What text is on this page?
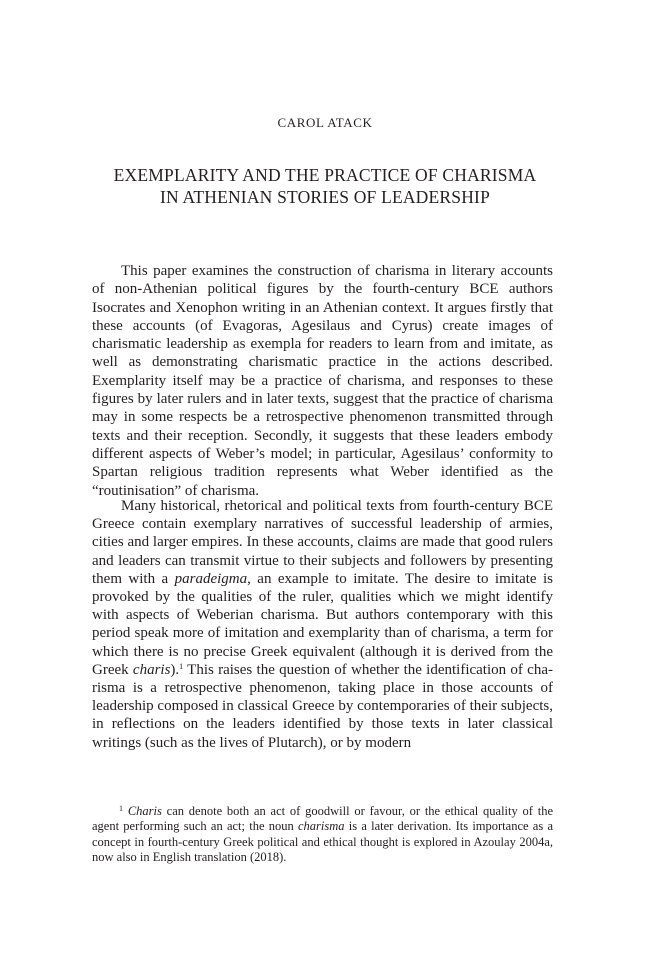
CAROL ATACK
EXEMPLARITY AND THE PRACTICE OF CHARISMA
IN ATHENIAN STORIES OF LEADERSHIP

This paper examines the construction of charisma in literary accounts of non-Athenian political figures by the fourth-century BCE authors Isocrates and Xenophon writing in an Athenian context. It argues firstly that these accounts (of Evagoras, Agesilaus and Cyrus) create images of charismatic leadership as exempla for readers to learn from and imitate, as well as demonstrating charismatic practice in the actions described. Exemplarity itself may be a practice of charisma, and responses to these figures by later rulers and in later texts, suggest that the practice of charisma may in some respects be a retrospective phenomenon transmitted through texts and their reception. Secondly, it suggests that these leaders embody different aspects of Weber’s model; in particular, Agesilaus’ conformity to Spartan religious tradition represents what Weber identified as the “routinisation” of charisma.

Many historical, rhetorical and political texts from fourth-century BCE Greece contain exemplary narratives of successful leadership of armies, cities and larger empires. In these accounts, claims are made that good rulers and leaders can transmit virtue to their subjects and followers by presenting them with a paradeigma, an example to imitate. The desire to imitate is provoked by the qualities of the ruler, qualities which we might identify with aspects of Weberian charisma. But authors contemporary with this period speak more of imitation and exemplarity than of charisma, a term for which there is no precise Greek equivalent (although it is derived from the Greek charis).$^1$ This raises the question of whether the identification of charisma is a retrospective phenomenon, taking place in those accounts of leadership composed in classical Greece by contemporaries of their subjects, in reflections on the leaders identified by those texts in later classical writings (such as the lives of Plutarch), or by modern

$^1$ Charis can denote both an act of goodwill or favour, or the ethical quality of the agent performing such an act; the noun charisma is a later derivation. Its importance as a concept in fourth-century Greek political and ethical thought is explored in Azoulay 2004a, now also in English translation (2018).
